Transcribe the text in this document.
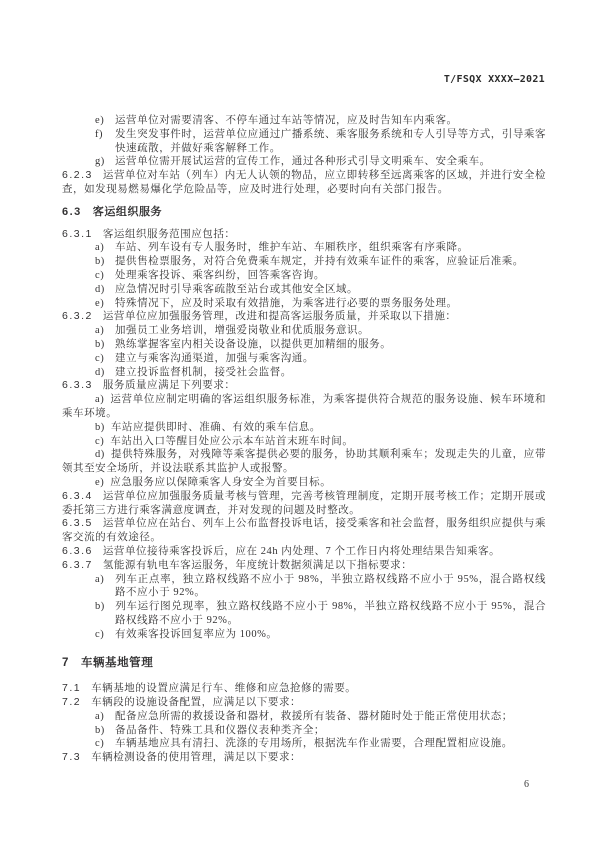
T/FSQX XXXX—2021
e) 运营单位对需要清客、不停车通过车站等情况，应及时告知车内乘客。
f) 发生突发事件时，运营单位应通过广播系统、乘客服务系统和专人引导等方式，引导乘客快速疏散，并做好乘客解释工作。
g) 运营单位需开展试运营的宣传工作，通过各种形式引导文明乘车、安全乘车。
6.2.3 运营单位对车站（列车）内无人认领的物品，应立即转移至远离乘客的区域，并进行安全检查，如发现易燃易爆化学危险品等，应及时进行处理，必要时向有关部门报告。
6.3 客运组织服务
6.3.1 客运组织服务范围应包括：
a) 车站、列车设有专人服务时，维护车站、车厢秩序，组织乘客有序乘降。
b) 提供售检票服务，对符合免费乘车规定，并持有效乘车证件的乘客，应验证后准乘。
c) 处理乘客投诉、乘客纠纷，回答乘客咨询。
d) 应急情况时引导乘客疏散至站台或其他安全区域。
e) 特殊情况下，应及时采取有效措施，为乘客进行必要的票务服务处理。
6.3.2 运营单位应加强服务管理，改进和提高客运服务质量，并采取以下措施：
a) 加强员工业务培训，增强爱岗敬业和优质服务意识。
b) 熟练掌握客室内相关设备设施，以提供更加精细的服务。
c) 建立与乘客沟通渠道，加强与乘客沟通。
d) 建立投诉监督机制，接受社会监督。
6.3.3 服务质量应满足下列要求：
a) 运营单位应制定明确的客运组织服务标准，为乘客提供符合规范的服务设施、候车环境和乘车环境。
b) 车站应提供即时、准确、有效的乘车信息。
c) 车站出入口等醒目处应公示本车站首末班车时间。
d) 提供特殊服务，对残障等乘客提供必要的服务，协助其顺利乘车；发现走失的儿童，应带领其至安全场所，并设法联系其监护人或报警。
e) 应急服务应以保障乘客人身安全为首要目标。
6.3.4 运营单位应加强服务质量考核与管理，完善考核管理制度，定期开展考核工作；定期开展或委托第三方进行乘客满意度调查，并对发现的问题及时整改。
6.3.5 运营单位应在站台、列车上公布监督投诉电话，接受乘客和社会监督，服务组织应提供与乘客交流的有效途径。
6.3.6 运营单位接待乘客投诉后，应在 24h 内处理、7 个工作日内将处理结果告知乘客。
6.3.7 氢能源有轨电车客运服务，年度统计数据须满足以下指标要求：
a) 列车正点率，独立路权线路不应小于 98%，半独立路权线路不应小于 95%，混合路权线路不应小于 92%。
b) 列车运行图兑现率，独立路权线路不应小于 98%，半独立路权线路不应小于 95%，混合路权线路不应小于 92%。
c) 有效乘客投诉回复率应为 100%。
7 车辆基地管理
7.1 车辆基地的设置应满足行车、维修和应急抢修的需要。
7.2 车辆段的设施设备配置，应满足以下要求：
a) 配备应急所需的救援设备和器材，救援所有装备、器材随时处于能正常使用状态；
b) 备品备件、特殊工具和仪器仪表种类齐全；
c) 车辆基地应具有清扫、洗涤的专用场所，根据洗车作业需要，合理配置相应设施。
7.3 车辆检测设备的使用管理，满足以下要求：
6
